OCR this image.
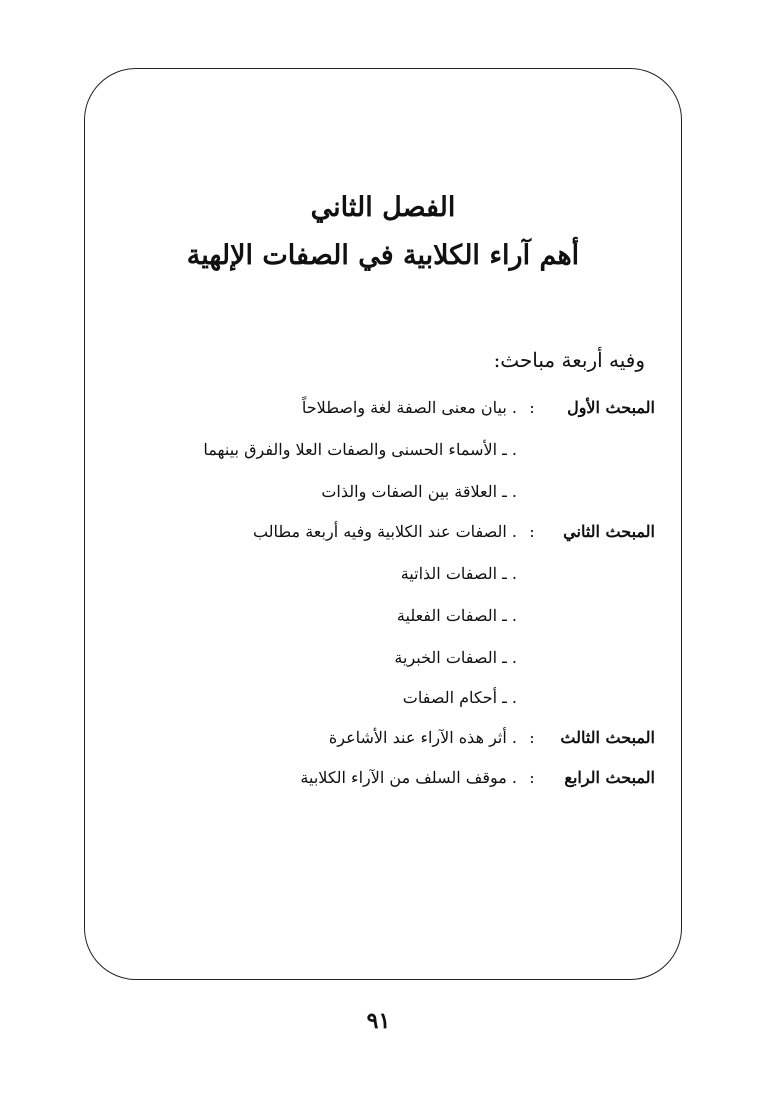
الفصل الثاني
أهم آراء الكلابية في الصفات الإلهية
وفيه أربعة مباحث:
المبحث الأول
:
بيان معنى الصفة لغة واصطلاحاً .
ـ الأسماء الحسنى والصفات العلا والفرق بينهما .
ـ العلاقة بين الصفات والذات .
المبحث الثاني
:
الصفات عند الكلابية وفيه أربعة مطالب .
ـ الصفات الذاتية .
ـ الصفات الفعلية .
ـ الصفات الخبرية .
ـ أحكام الصفات .
المبحث الثالث
:
أثر هذه الآراء عند الأشاعرة .
المبحث الرابع
:
موقف السلف من الآراء الكلابية .
٩١
